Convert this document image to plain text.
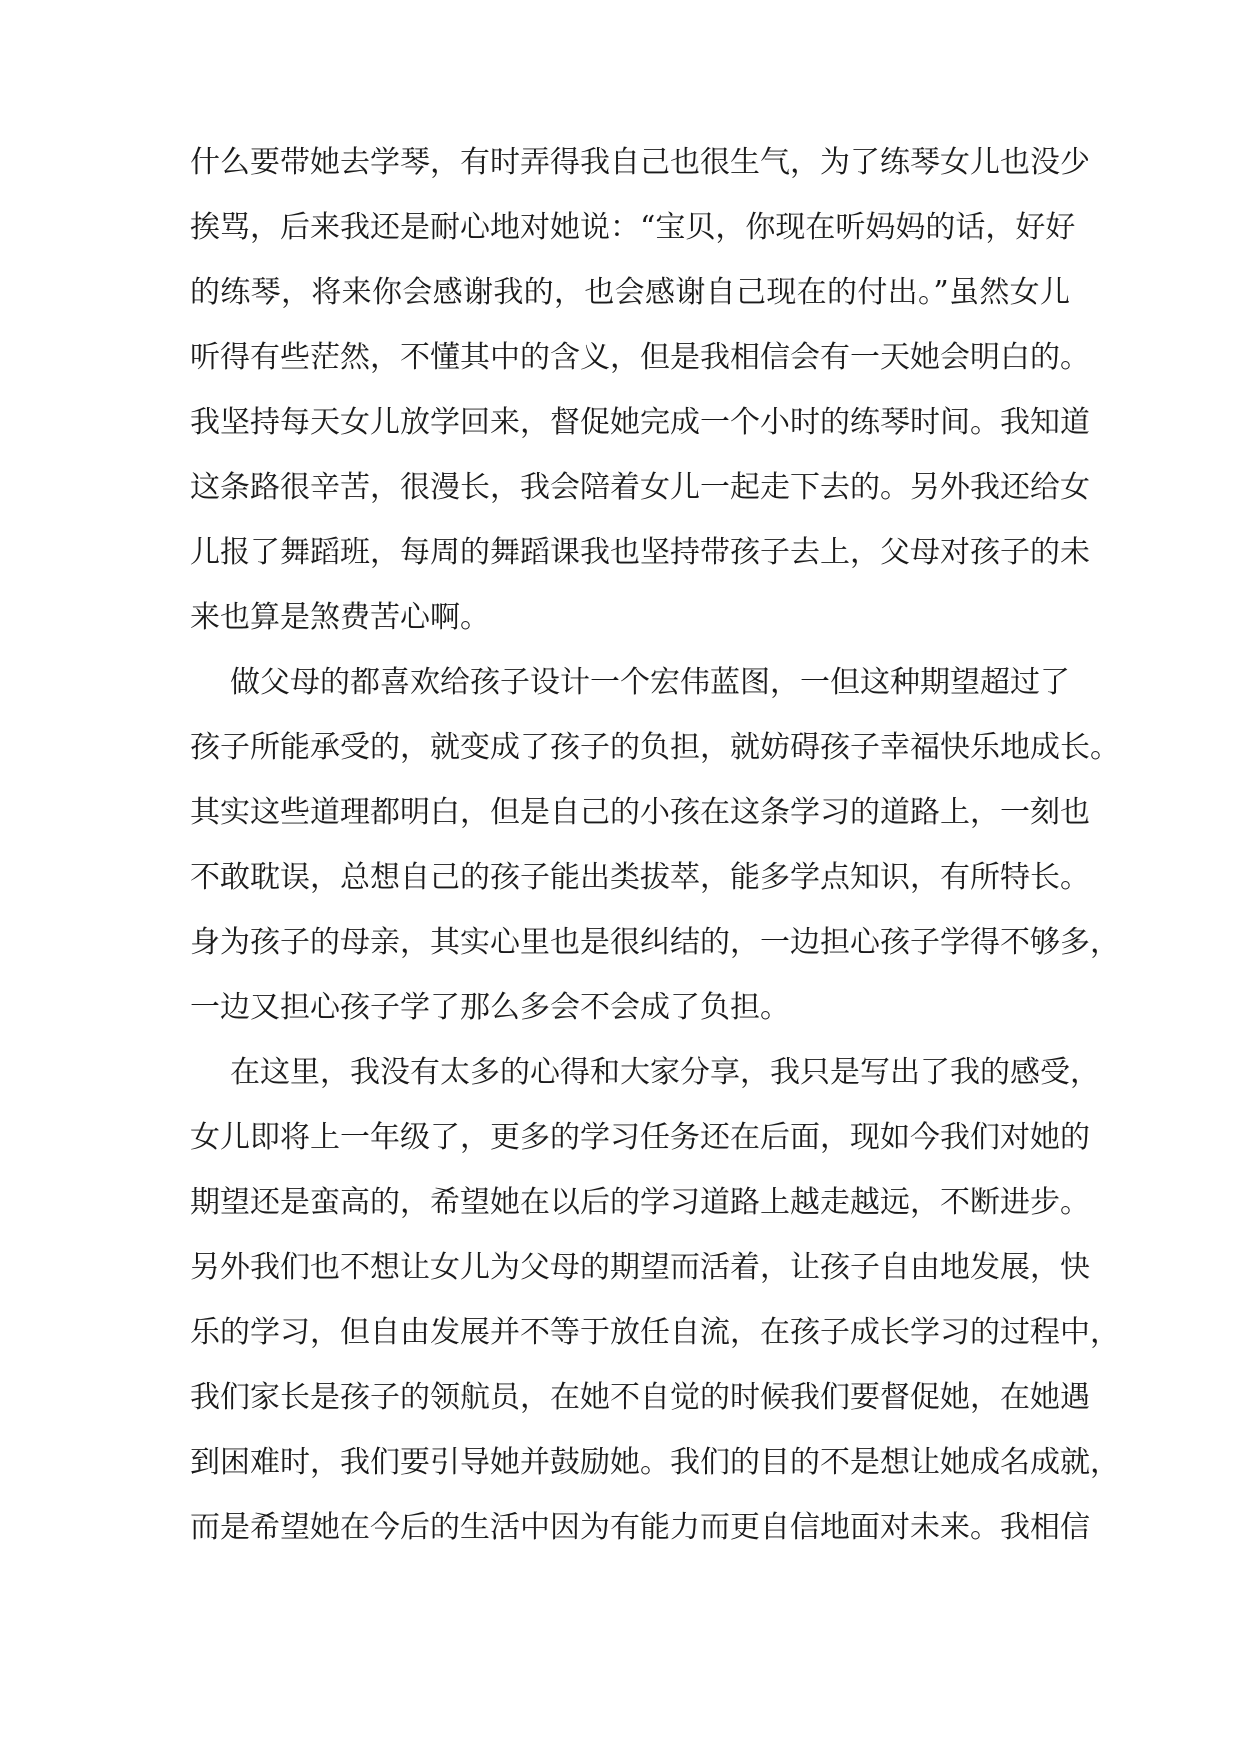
什么要带她去学琴，有时弄得我自己也很生气，为了练琴女儿也没少
挨骂，后来我还是耐心地对她说：“宝贝，你现在听妈妈的话，好好
的练琴，将来你会感谢我的，也会感谢自己现在的付出。”虽然女儿
听得有些茫然，不懂其中的含义，但是我相信会有一天她会明白的。
我坚持每天女儿放学回来，督促她完成一个小时的练琴时间。我知道
这条路很辛苦，很漫长，我会陪着女儿一起走下去的。另外我还给女
儿报了舞蹈班，每周的舞蹈课我也坚持带孩子去上，父母对孩子的未
来也算是煞费苦心啊。
做父母的都喜欢给孩子设计一个宏伟蓝图，一但这种期望超过了
孩子所能承受的，就变成了孩子的负担，就妨碍孩子幸福快乐地成长。
其实这些道理都明白，但是自己的小孩在这条学习的道路上，一刻也
不敢耽误，总想自己的孩子能出类拔萃，能多学点知识，有所特长。
身为孩子的母亲，其实心里也是很纠结的，一边担心孩子学得不够多，
一边又担心孩子学了那么多会不会成了负担。
在这里，我没有太多的心得和大家分享，我只是写出了我的感受，
女儿即将上一年级了，更多的学习任务还在后面，现如今我们对她的
期望还是蛮高的，希望她在以后的学习道路上越走越远，不断进步。
另外我们也不想让女儿为父母的期望而活着，让孩子自由地发展，快
乐的学习，但自由发展并不等于放任自流，在孩子成长学习的过程中，
我们家长是孩子的领航员，在她不自觉的时候我们要督促她，在她遇
到困难时，我们要引导她并鼓励她。我们的目的不是想让她成名成就，
而是希望她在今后的生活中因为有能力而更自信地面对未来。我相信
